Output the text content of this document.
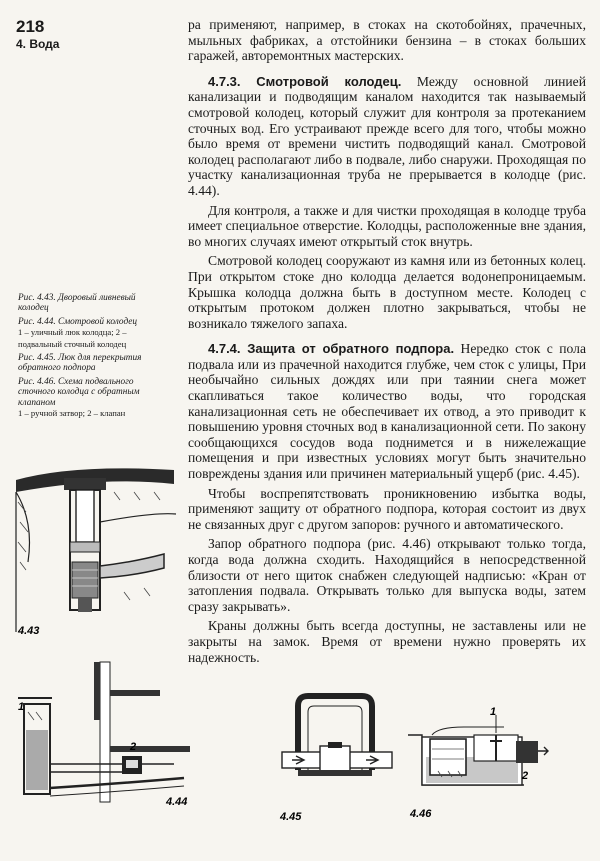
218
4. Вода

ра применяют, например, в стоках на скотобойнях, прачечных, мыльных фабриках, а отстойники бензина – в стоках больших гаражей, авторемонтных мастерских.

4.7.3. Смотровой колодец. Между основной линией канализации и подводящим каналом находится так называемый смотровой колодец, который служит для контроля за протеканием сточных вод. Его устраивают прежде всего для того, чтобы можно было время от времени чистить подводящий канал. Смотровой колодец располагают либо в подвале, либо снаружи. Проходящая по участку канализационная труба не прерывается в колодце (рис. 4.44).

Для контроля, а также и для чистки проходящая в колодце труба имеет специальное отверстие. Колодцы, расположенные вне здания, во многих случаях имеют открытый сток внутрь.

Смотровой колодец сооружают из камня или из бетонных колец. При открытом стоке дно колодца делается водонепроницаемым. Крышка колодца должна быть в доступном месте. Колодец с открытым протоком должен плотно закрываться, чтобы не возникало тяжелого запаха.

4.7.4. Защита от обратного подпора. Нередко сток с пола подвала или из прачечной находится глубже, чем сток с улицы, При необычайно сильных дождях или при таянии снега может скапливаться такое количество воды, что городская канализационная сеть не обеспечивает их отвод, а это приводит к повышению уровня сточных вод в канализационной сети. По закону сообщающихся сосудов вода поднимется и в нижележащие помещения и при известных условиях могут быть значительно повреждены здания или причинен материальный ущерб (рис. 4.45).

Чтобы воспрепятствовать проникновению избытка воды, применяют защиту от обратного подпора, которая состоит из двух не связанных друг с другом запоров: ручного и автоматического.

Запор обратного подпора (рис. 4.46) открывают только тогда, когда вода должна сходить. Находящийся в непосредственной близости от него щиток снабжен следующей надписью: «Кран от затопления подвала. Открывать только для выпуска воды, затем сразу закрывать».

Краны должны быть всегда доступны, не заставлены или не закрыты на замок. Время от времени нужно проверять их надежность.

Рис. 4.43. Дворовый ливневый колодец
Рис. 4.44. Смотровой колодец
1 – уличный люк колодца; 2 – подвальный сточный колодец
Рис. 4.45. Люк для перекрытия обратного подпора
Рис. 4.46. Схема подвального сточного колодца с обратным клапаном
1 – ручной затвор; 2 – клапан
4.43
1
2
4.44
4.45
1
2
4.46
